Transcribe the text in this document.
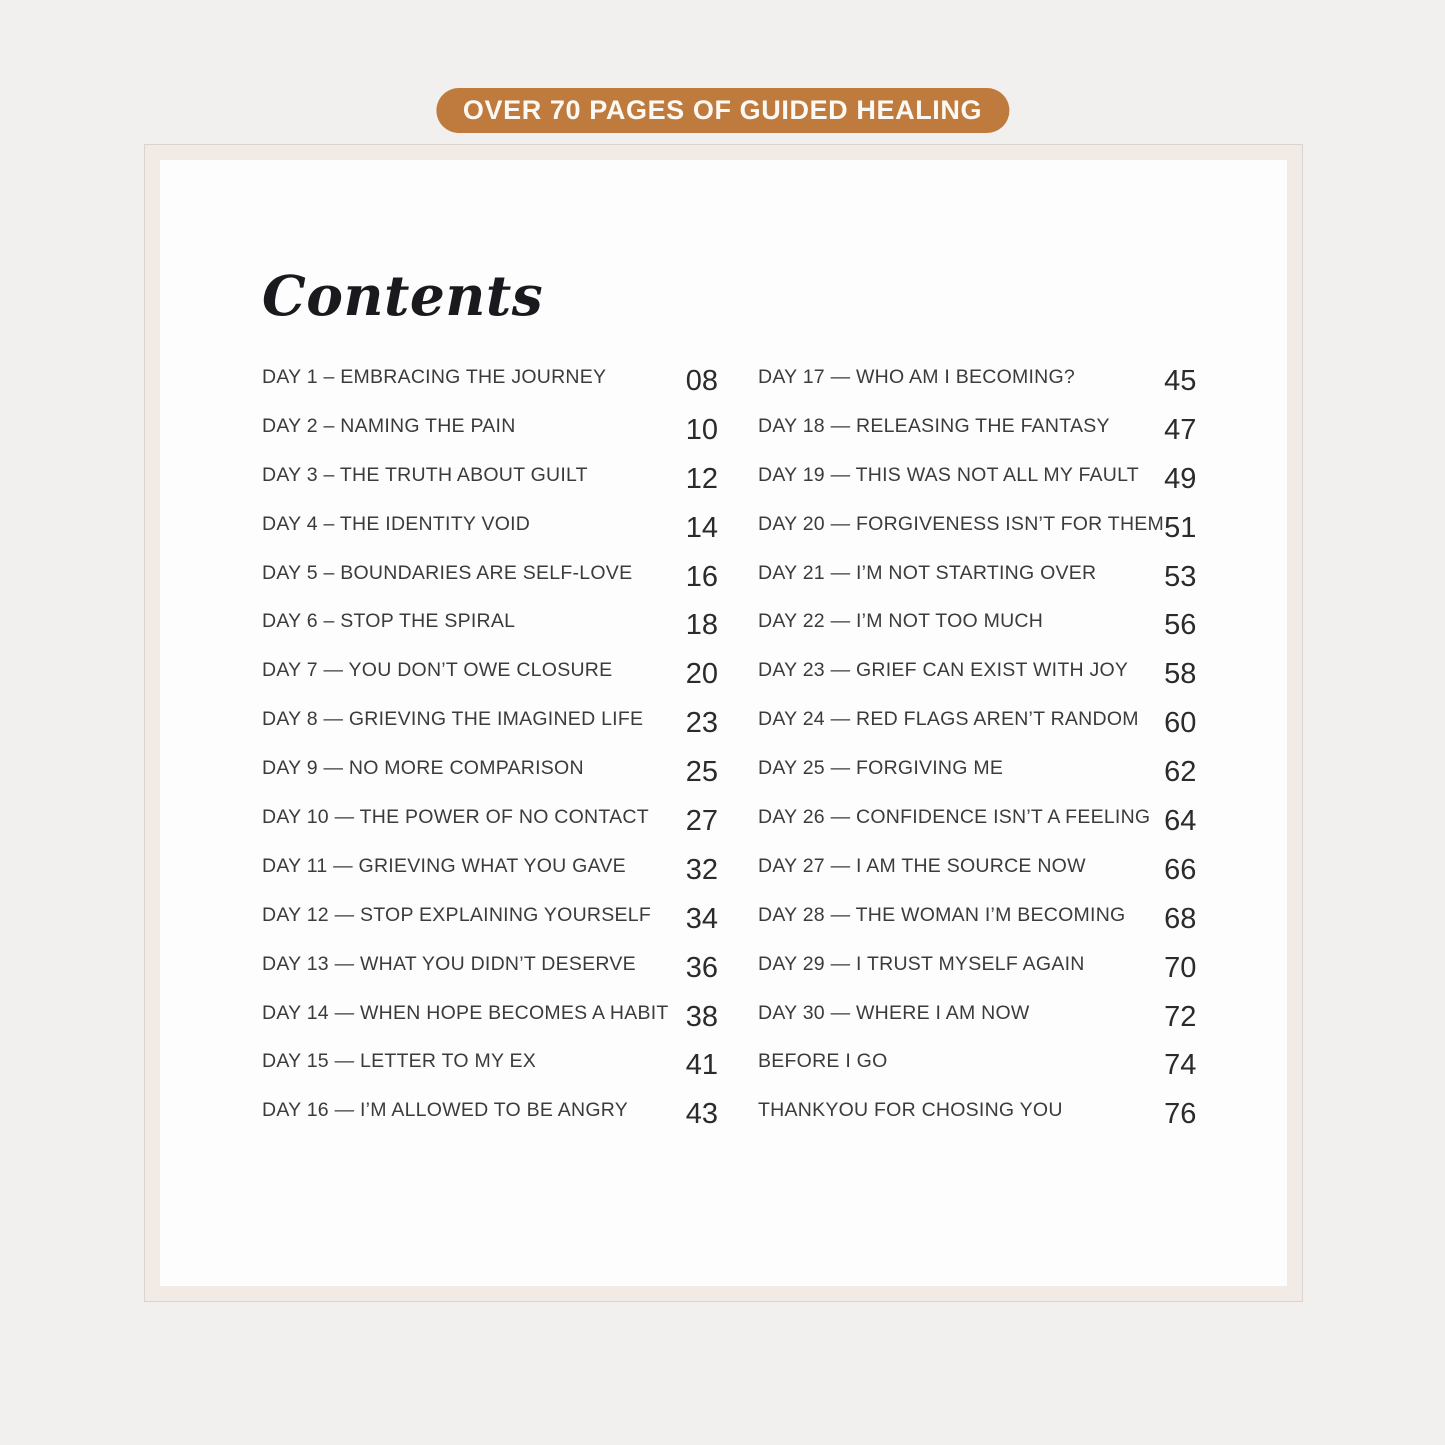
OVER 70 PAGES OF GUIDED HEALING
Contents
DAY 1 – EMBRACING THE JOURNEY	08
DAY 2 – NAMING THE PAIN	10
DAY 3 – THE TRUTH ABOUT GUILT	12
DAY 4 – THE IDENTITY VOID	14
DAY 5 – BOUNDARIES ARE SELF-LOVE 16
DAY 6 – STOP THE SPIRAL	18
DAY 7 — YOU DON’T OWE CLOSURE	20
DAY 8 — GRIEVING THE IMAGINED LIFE 23
DAY 9 — NO MORE COMPARISON	25
DAY 10 — THE POWER OF NO CONTACT 27
DAY 11 — GRIEVING WHAT YOU GAVE 32
DAY 12 — STOP EXPLAINING YOURSELF 34
DAY 13 — WHAT YOU DIDN’T DESERVE 36
DAY 14 — WHEN HOPE BECOMES A HABIT 38
DAY 15 — LETTER TO MY EX	41
DAY 16 — I’M ALLOWED TO BE ANGRY 43
DAY 17 — WHO AM I BECOMING?	45
DAY 18 — RELEASING THE FANTASY 47
DAY 19 — THIS WAS NOT ALL MY FAULT 49
DAY 20 — FORGIVENESS ISN’T FOR THEM 51
DAY 21 — I’M NOT STARTING OVER 53
DAY 22 — I’M NOT TOO MUCH	56
DAY 23 — GRIEF CAN EXIST WITH JOY 58
DAY 24 — RED FLAGS AREN’T RANDOM 60
DAY 25 — FORGIVING ME	62
DAY 26 — CONFIDENCE ISN’T A FEELING 64
DAY 27 — I AM THE SOURCE NOW	66
DAY 28 — THE WOMAN I’M BECOMING 68
DAY 29 — I TRUST MYSELF AGAIN	70
DAY 30 — WHERE I AM NOW	72
BEFORE I GO	74
THANKYOU FOR CHOSING YOU	76
